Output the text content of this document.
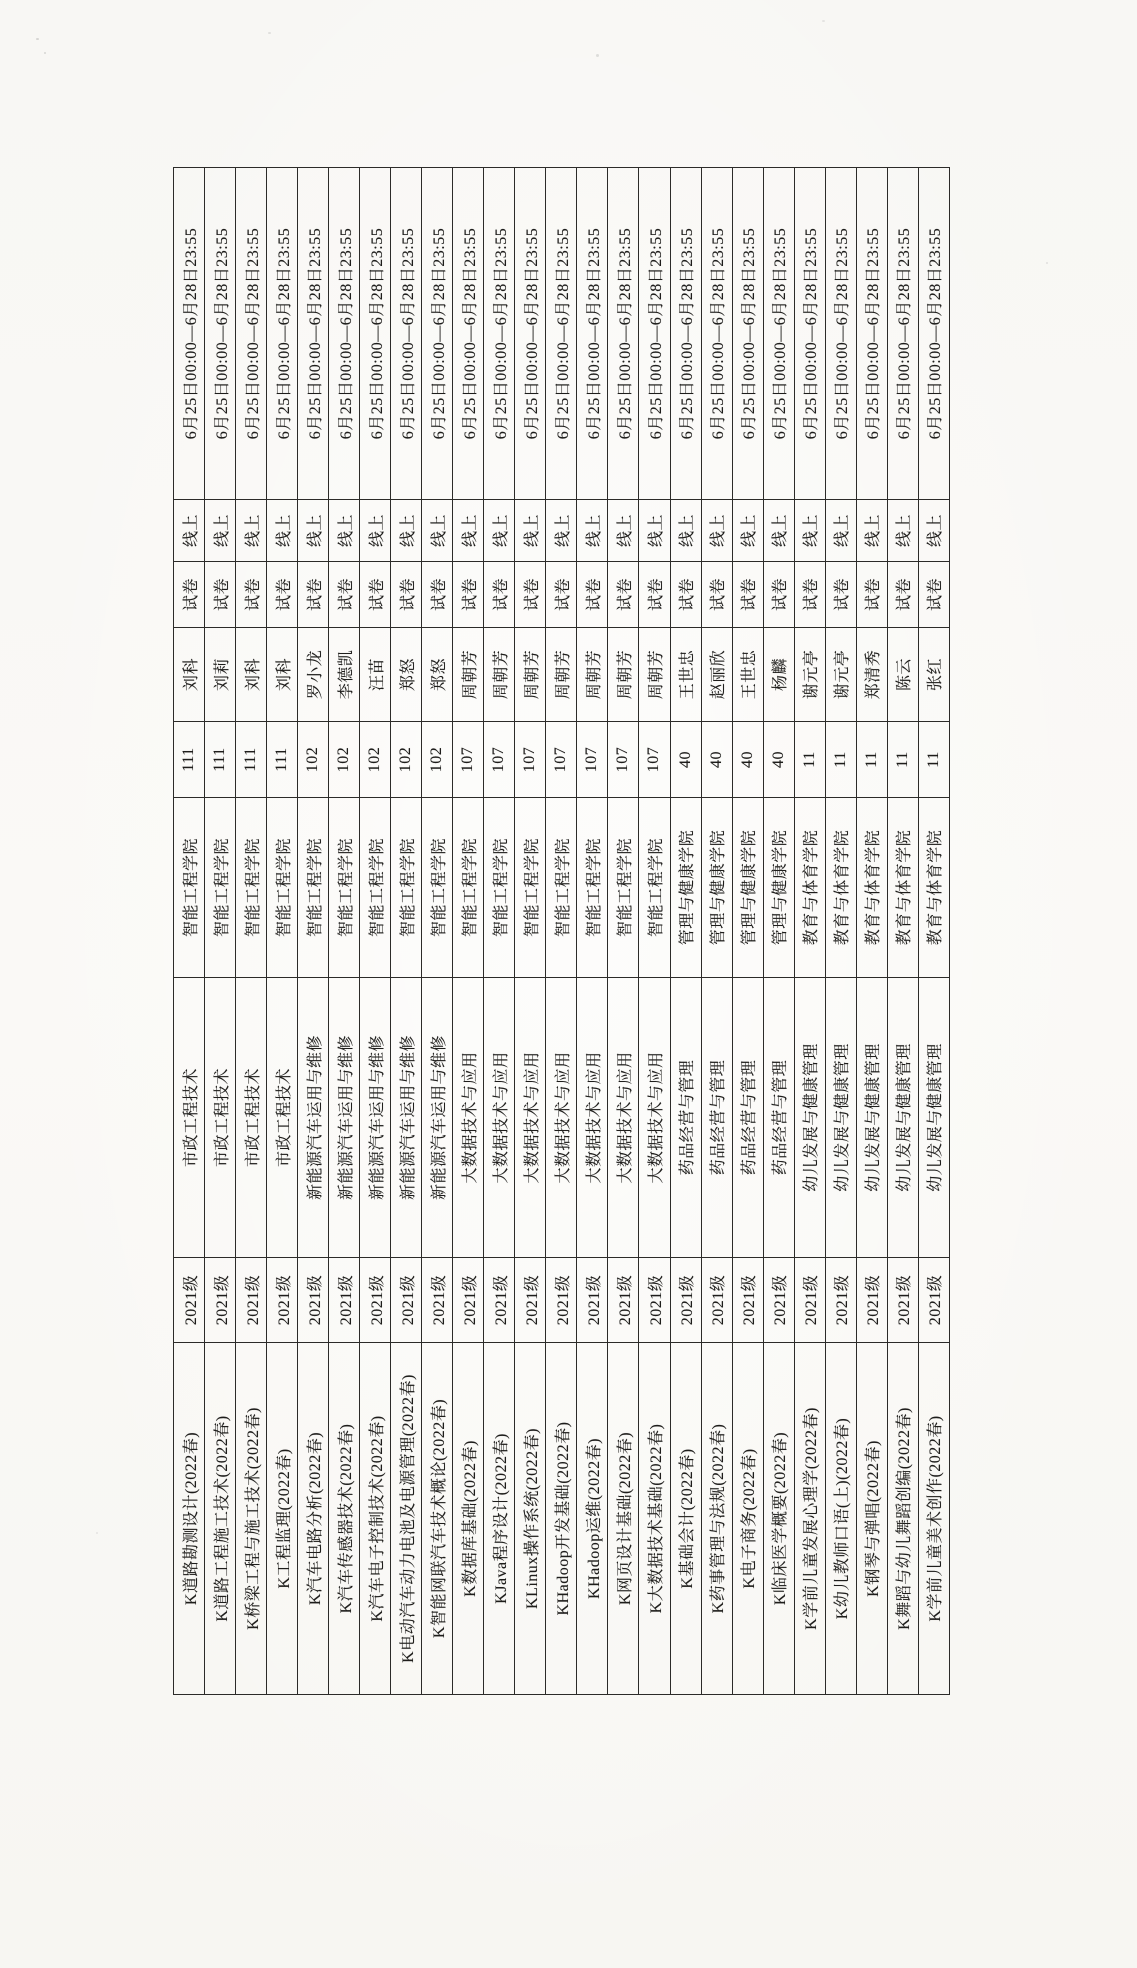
K道路勘测设计(2022春)	2021级	市政工程技术	智能工程学院	111	刘科	试卷	线上	6月25日00:00—6月28日23:55
K道路工程施工技术(2022春)	2021级	市政工程技术	智能工程学院	111	刘莉	试卷	线上	6月25日00:00—6月28日23:55
K桥梁工程与施工技术(2022春)	2021级	市政工程技术	智能工程学院	111	刘科	试卷	线上	6月25日00:00—6月28日23:55
K工程监理(2022春)	2021级	市政工程技术	智能工程学院	111	刘科	试卷	线上	6月25日00:00—6月28日23:55
K汽车电路分析(2022春)	2021级	新能源汽车运用与维修	智能工程学院	102	罗小龙	试卷	线上	6月25日00:00—6月28日23:55
K汽车传感器技术(2022春)	2021级	新能源汽车运用与维修	智能工程学院	102	李德凯	试卷	线上	6月25日00:00—6月28日23:55
K汽车电子控制技术(2022春)	2021级	新能源汽车运用与维修	智能工程学院	102	汪苗	试卷	线上	6月25日00:00—6月28日23:55
K电动汽车动力电池及电源管理(2022春)	2021级	新能源汽车运用与维修	智能工程学院	102	郑怒	试卷	线上	6月25日00:00—6月28日23:55
K智能网联汽车技术概论(2022春)	2021级	新能源汽车运用与维修	智能工程学院	102	郑怒	试卷	线上	6月25日00:00—6月28日23:55
K数据库基础(2022春)	2021级	大数据技术与应用	智能工程学院	107	周朝芳	试卷	线上	6月25日00:00—6月28日23:55
KJava程序设计(2022春)	2021级	大数据技术与应用	智能工程学院	107	周朝芳	试卷	线上	6月25日00:00—6月28日23:55
KLinux操作系统(2022春)	2021级	大数据技术与应用	智能工程学院	107	周朝芳	试卷	线上	6月25日00:00—6月28日23:55
KHadoop开发基础(2022春)	2021级	大数据技术与应用	智能工程学院	107	周朝芳	试卷	线上	6月25日00:00—6月28日23:55
KHadoop运维(2022春)	2021级	大数据技术与应用	智能工程学院	107	周朝芳	试卷	线上	6月25日00:00—6月28日23:55
K网页设计基础(2022春)	2021级	大数据技术与应用	智能工程学院	107	周朝芳	试卷	线上	6月25日00:00—6月28日23:55
K大数据技术基础(2022春)	2021级	大数据技术与应用	智能工程学院	107	周朝芳	试卷	线上	6月25日00:00—6月28日23:55
K基础会计(2022春)	2021级	药品经营与管理	管理与健康学院	40	王世忠	试卷	线上	6月25日00:00—6月28日23:55
K药事管理与法规(2022春)	2021级	药品经营与管理	管理与健康学院	40	赵丽欣	试卷	线上	6月25日00:00—6月28日23:55
K电子商务(2022春)	2021级	药品经营与管理	管理与健康学院	40	王世忠	试卷	线上	6月25日00:00—6月28日23:55
K临床医学概要(2022春)	2021级	药品经营与管理	管理与健康学院	40	杨麟	试卷	线上	6月25日00:00—6月28日23:55
K学前儿童发展心理学(2022春)	2021级	幼儿发展与健康管理	教育与体育学院	11	谢元亭	试卷	线上	6月25日00:00—6月28日23:55
K幼儿教师口语(上)(2022春)	2021级	幼儿发展与健康管理	教育与体育学院	11	谢元亭	试卷	线上	6月25日00:00—6月28日23:55
K钢琴与弹唱(2022春)	2021级	幼儿发展与健康管理	教育与体育学院	11	郑清秀	试卷	线上	6月25日00:00—6月28日23:55
K舞蹈与幼儿舞蹈创编(2022春)	2021级	幼儿发展与健康管理	教育与体育学院	11	陈云	试卷	线上	6月25日00:00—6月28日23:55
K学前儿童美术创作(2022春)	2021级	幼儿发展与健康管理	教育与体育学院	11	张红	试卷	线上	6月25日00:00—6月28日23:55
